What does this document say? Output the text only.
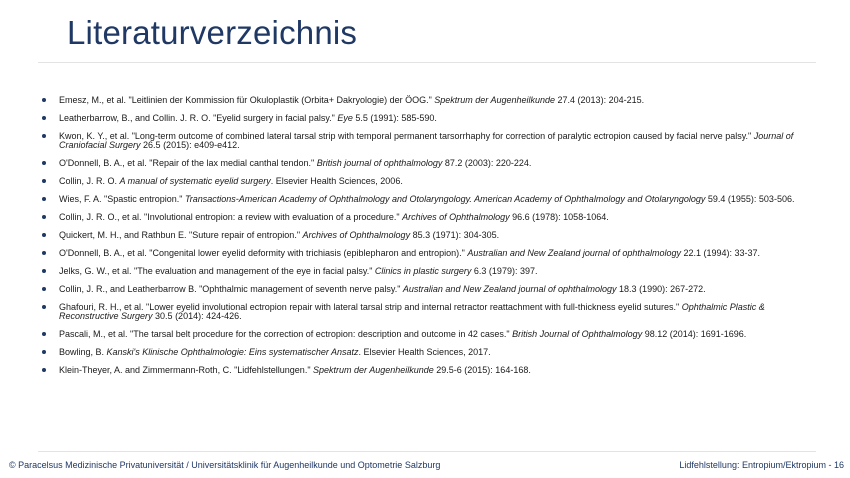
Literaturverzeichnis
Emesz, M., et al. "Leitlinien der Kommission für Okuloplastik (Orbita+ Dakryologie) der ÖOG." Spektrum der Augenheilkunde 27.4 (2013): 204-215.
Leatherbarrow, B., and Collin. J. R. O. "Eyelid surgery in facial palsy." Eye 5.5 (1991): 585-590.
Kwon, K. Y., et al. "Long-term outcome of combined lateral tarsal strip with temporal permanent tarsorrhaphy for correction of paralytic ectropion caused by facial nerve palsy." Journal of Craniofacial Surgery 26.5 (2015): e409-e412.
O'Donnell, B. A., et al. "Repair of the lax medial canthal tendon." British journal of ophthalmology 87.2 (2003): 220-224.
Collin, J. R. O. A manual of systematic eyelid surgery. Elsevier Health Sciences, 2006.
Wies, F. A. "Spastic entropion." Transactions-American Academy of Ophthalmology and Otolaryngology. American Academy of Ophthalmology and Otolaryngology 59.4 (1955): 503-506.
Collin, J. R. O., et al. "Involutional entropion: a review with evaluation of a procedure." Archives of Ophthalmology 96.6 (1978): 1058-1064.
Quickert, M. H., and Rathbun E. "Suture repair of entropion." Archives of Ophthalmology 85.3 (1971): 304-305.
O'Donnell, B. A., et al. "Congenital lower eyelid deformity with trichiasis (epiblepharon and entropion)." Australian and New Zealand journal of ophthalmology 22.1 (1994): 33-37.
Jelks, G. W., et al. "The evaluation and management of the eye in facial palsy." Clinics in plastic surgery 6.3 (1979): 397.
Collin, J. R., and Leatherbarrow B. "Ophthalmic management of seventh nerve palsy." Australian and New Zealand journal of ophthalmology 18.3 (1990): 267-272.
Ghafouri, R. H., et al. "Lower eyelid involutional ectropion repair with lateral tarsal strip and internal retractor reattachment with full-thickness eyelid sutures." Ophthalmic Plastic & Reconstructive Surgery 30.5 (2014): 424-426.
Pascali, M., et al. "The tarsal belt procedure for the correction of ectropion: description and outcome in 42 cases." British Journal of Ophthalmology 98.12 (2014): 1691-1696.
Bowling, B. Kanski's Klinische Ophthalmologie: Eins systematischer Ansatz. Elsevier Health Sciences, 2017.
Klein-Theyer, A. and Zimmermann-Roth, C. "Lidfehlstellungen." Spektrum der Augenheilkunde 29.5-6 (2015): 164-168.
© Paracelsus Medizinische Privatuniversität / Universitätsklinik für Augenheilkunde und Optometrie Salzburg	Lidfehlstellung: Entropium/Ektropium - 16
